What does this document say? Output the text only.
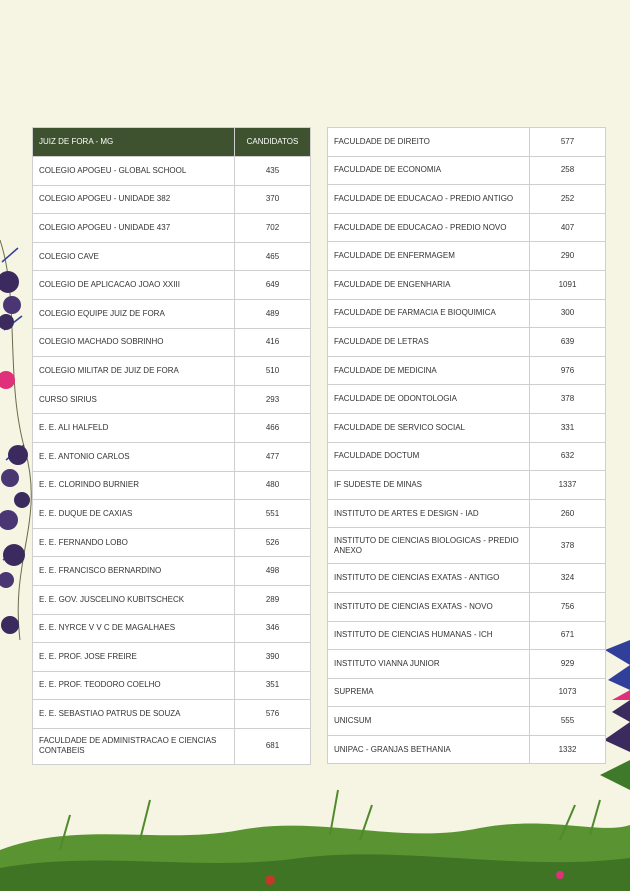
JUIZ DE FORA - MG	CANDIDATOS
COLEGIO APOGEU - GLOBAL SCHOOL	435
COLEGIO APOGEU - UNIDADE 382	370
COLEGIO APOGEU - UNIDADE 437	702
COLEGIO CAVE	465
COLEGIO DE APLICACAO JOAO XXIII	649
COLEGIO EQUIPE JUIZ DE FORA	489
COLEGIO MACHADO SOBRINHO	416
COLEGIO MILITAR DE JUIZ DE FORA	510
CURSO SIRIUS	293
E. E. ALI HALFELD	466
E. E. ANTONIO CARLOS	477
E. E. CLORINDO BURNIER	480
E. E. DUQUE DE CAXIAS	551
E. E. FERNANDO LOBO	526
E. E. FRANCISCO BERNARDINO	498
E. E. GOV. JUSCELINO KUBITSCHECK	289
E. E. NYRCE V V C DE MAGALHAES	346
E. E. PROF. JOSE FREIRE	390
E. E. PROF. TEODORO COELHO	351
E. E. SEBASTIAO PATRUS DE SOUZA	576
FACULDADE DE ADMINISTRACAO E CIENCIAS CONTABEIS	681
FACULDADE DE DIREITO	577
FACULDADE DE ECONOMIA	258
FACULDADE DE EDUCACAO - PREDIO ANTIGO	252
FACULDADE DE EDUCACAO - PREDIO NOVO	407
FACULDADE DE ENFERMAGEM	290
FACULDADE DE ENGENHARIA	1091
FACULDADE DE FARMACIA E BIOQUIMICA	300
FACULDADE DE LETRAS	639
FACULDADE DE MEDICINA	976
FACULDADE DE ODONTOLOGIA	378
FACULDADE DE SERVICO SOCIAL	331
FACULDADE DOCTUM	632
IF SUDESTE DE MINAS	1337
INSTITUTO DE ARTES E DESIGN - IAD	260
INSTITUTO DE CIENCIAS BIOLOGICAS - PREDIO ANEXO	378
INSTITUTO DE CIENCIAS EXATAS - ANTIGO	324
INSTITUTO DE CIENCIAS EXATAS - NOVO	756
INSTITUTO DE CIENCIAS HUMANAS - ICH	671
INSTITUTO VIANNA JUNIOR	929
SUPREMA	1073
UNICSUM	555
UNIPAC - GRANJAS BETHANIA	1332
